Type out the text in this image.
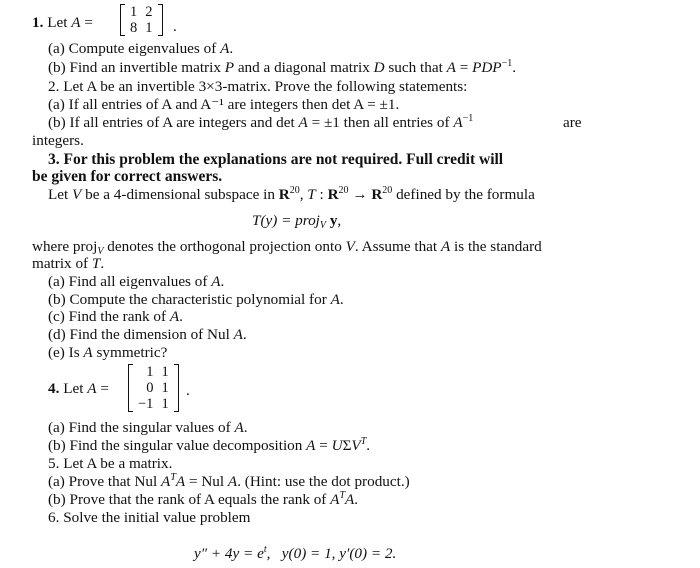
1. Let A =
1	2
8	1 .
(a) Compute eigenvalues of A.
(b) Find an invertible matrix P and a diagonal matrix D such that $A = PDP^{-1}$.
2. Let A be an invertible 3×3-matrix. Prove the following statements:
(a) If all entries of A and A⁻¹ are integers then det A = ±1.
(b) If all entries of A are integers and det A = ±1 then all entries of $A^{-1}$	are
integers.
3. For this problem the explanations are not required. Full credit will
be given for correct answers.
Let V be a 4-dimensional subspace in $R^{20}$, T : $R^{20} \to R^{20}$ defined by the formula
T(y) = proj$_V$ y,
where proj$_V$ denotes the orthogonal projection onto V. Assume that A is the standard
matrix of T.
(a) Find all eigenvalues of A.
(b) Compute the characteristic polynomial for A.
(c) Find the rank of A.
(d) Find the dimension of Nul A.
(e) Is A symmetric?
4. Let A =
1	1
0	1
−1	1
.
(a) Find the singular values of A.
(b) Find the singular value decomposition $A = U\Sigma V^T$.
5. Let A be a matrix.
(a) Prove that Nul $A^TA$ = Nul A. (Hint: use the dot product.)
(b) Prove that the rank of A equals the rank of $A^TA$.
6. Solve the initial value problem
$y'' + 4y = e^t$,   y(0) = 1, y′(0) = 2.
